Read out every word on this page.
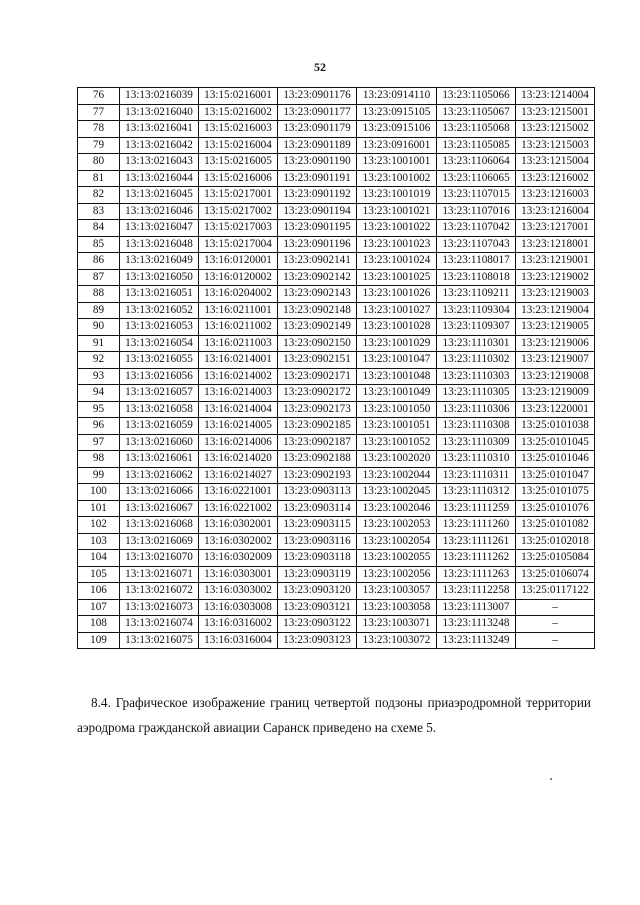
52
76	13:13:0216039	13:15:0216001	13:23:0901176	13:23:0914110	13:23:1105066	13:23:1214004
77	13:13:0216040	13:15:0216002	13:23:0901177	13:23:0915105	13:23:1105067	13:23:1215001
78	13:13:0216041	13:15:0216003	13:23:0901179	13:23:0915106	13:23:1105068	13:23:1215002
79	13:13:0216042	13:15:0216004	13:23:0901189	13:23:0916001	13:23:1105085	13:23:1215003
80	13:13:0216043	13:15:0216005	13:23:0901190	13:23:1001001	13:23:1106064	13:23:1215004
81	13:13:0216044	13:15:0216006	13:23:0901191	13:23:1001002	13:23:1106065	13:23:1216002
82	13:13:0216045	13:15:0217001	13:23:0901192	13:23:1001019	13:23:1107015	13:23:1216003
83	13:13:0216046	13:15:0217002	13:23:0901194	13:23:1001021	13:23:1107016	13:23:1216004
84	13:13:0216047	13:15:0217003	13:23:0901195	13:23:1001022	13:23:1107042	13:23:1217001
85	13:13:0216048	13:15:0217004	13:23:0901196	13:23:1001023	13:23:1107043	13:23:1218001
86	13:13:0216049	13:16:0120001	13:23:0902141	13:23:1001024	13:23:1108017	13:23:1219001
87	13:13:0216050	13:16:0120002	13:23:0902142	13:23:1001025	13:23:1108018	13:23:1219002
88	13:13:0216051	13:16:0204002	13:23:0902143	13:23:1001026	13:23:1109211	13:23:1219003
89	13:13:0216052	13:16:0211001	13:23:0902148	13:23:1001027	13:23:1109304	13:23:1219004
90	13:13:0216053	13:16:0211002	13:23:0902149	13:23:1001028	13:23:1109307	13:23:1219005
91	13:13:0216054	13:16:0211003	13:23:0902150	13:23:1001029	13:23:1110301	13:23:1219006
92	13:13:0216055	13:16:0214001	13:23:0902151	13:23:1001047	13:23:1110302	13:23:1219007
93	13:13:0216056	13:16:0214002	13:23:0902171	13:23:1001048	13:23:1110303	13:23:1219008
94	13:13:0216057	13:16:0214003	13:23:0902172	13:23:1001049	13:23:1110305	13:23:1219009
95	13:13:0216058	13:16:0214004	13:23:0902173	13:23:1001050	13:23:1110306	13:23:1220001
96	13:13:0216059	13:16:0214005	13:23:0902185	13:23:1001051	13:23:1110308	13:25:0101038
97	13:13:0216060	13:16:0214006	13:23:0902187	13:23:1001052	13:23:1110309	13:25:0101045
98	13:13:0216061	13:16:0214020	13:23:0902188	13:23:1002020	13:23:1110310	13:25:0101046
99	13:13:0216062	13:16:0214027	13:23:0902193	13:23:1002044	13:23:1110311	13:25:0101047
100	13:13:0216066	13:16:0221001	13:23:0903113	13:23:1002045	13:23:1110312	13:25:0101075
101	13:13:0216067	13:16:0221002	13:23:0903114	13:23:1002046	13:23:1111259	13:25:0101076
102	13:13:0216068	13:16:0302001	13:23:0903115	13:23:1002053	13:23:1111260	13:25:0101082
103	13:13:0216069	13:16:0302002	13:23:0903116	13:23:1002054	13:23:1111261	13:25:0102018
104	13:13:0216070	13:16:0302009	13:23:0903118	13:23:1002055	13:23:1111262	13:25:0105084
105	13:13:0216071	13:16:0303001	13:23:0903119	13:23:1002056	13:23:1111263	13:25:0106074
106	13:13:0216072	13:16:0303002	13:23:0903120	13:23:1003057	13:23:1112258	13:25:0117122
107	13:13:0216073	13:16:0303008	13:23:0903121	13:23:1003058	13:23:1113007	–
108	13:13:0216074	13:16:0316002	13:23:0903122	13:23:1003071	13:23:1113248	–
109	13:13:0216075	13:16:0316004	13:23:0903123	13:23:1003072	13:23:1113249	–
8.4. Графическое изображение границ четвертой подзоны приаэродромной территории аэродрома гражданской авиации Саранск приведено на схеме 5.
